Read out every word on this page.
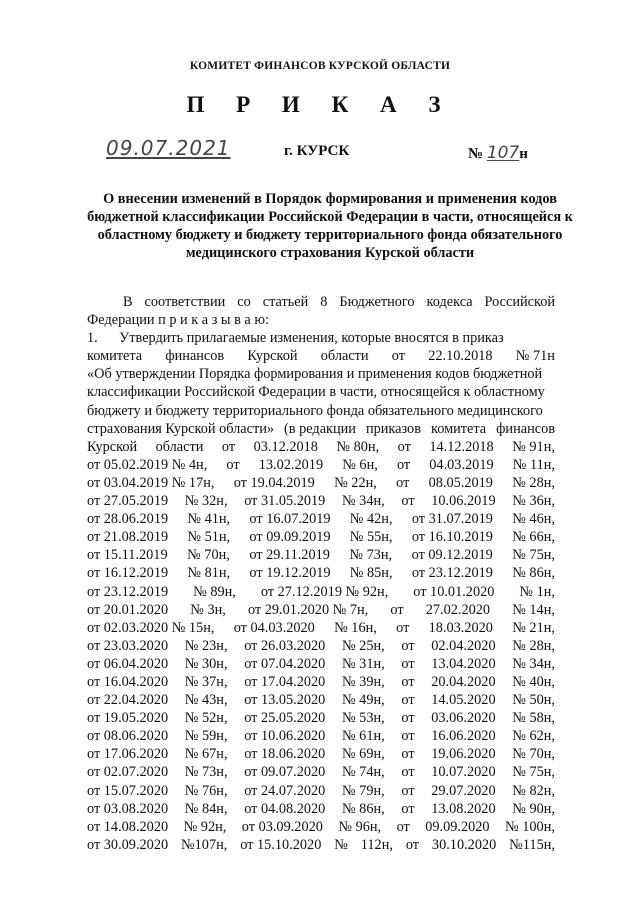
КОМИТЕТ ФИНАНСОВ КУРСКОЙ ОБЛАСТИ
П Р И К А З
09.07.2021	г. КУРСК	№ 107н
О внесении изменений в Порядок формирования и применения кодов бюджетной классификации Российской Федерации в части, относящейся к областному бюджету и бюджету территориального фонда обязательного медицинского страхования Курской области
В соответствии со статьей 8 Бюджетного кодекса Российской
Федерации п р и к а з ы в а ю:
1.      Утвердить прилагаемые изменения, которые вносятся в приказ
комитета финансов Курской области от 22.10.2018 № 71н
«Об утверждении Порядка формирования и применения кодов бюджетной
классификации Российской Федерации в части, относящейся к областному
бюджету и бюджету территориального фонда обязательного медицинского
страхования Курской области» (в редакции приказов комитета финансов
Курской области от 03.12.2018 № 80н, от 14.12.2018 № 91н,
от 05.02.2019 № 4н, от 13.02.2019 № 6н, от 04.03.2019 № 11н,
от 03.04.2019 № 17н, от 19.04.2019 № 22н, от 08.05.2019 № 28н,
от 27.05.2019 № 32н, от 31.05.2019 № 34н, от 10.06.2019 № 36н,
от 28.06.2019 № 41н, от 16.07.2019 № 42н, от 31.07.2019 № 46н,
от 21.08.2019 № 51н, от 09.09.2019 № 55н, от 16.10.2019 № 66н,
от 15.11.2019 № 70н, от 29.11.2019 № 73н, от 09.12.2019 № 75н,
от 16.12.2019 № 81н, от 19.12.2019 № 85н, от 23.12.2019 № 86н,
от 23.12.2019 № 89н, от 27.12.2019 № 92н, от 10.01.2020 № 1н,
от 20.01.2020 № 3н, от 29.01.2020 № 7н, от 27.02.2020 № 14н,
от 02.03.2020 № 15н, от 04.03.2020 № 16н, от 18.03.2020 № 21н,
от 23.03.2020 № 23н, от 26.03.2020 № 25н, от 02.04.2020 № 28н,
от 06.04.2020 № 30н, от 07.04.2020 № 31н, от 13.04.2020 № 34н,
от 16.04.2020 № 37н, от 17.04.2020 № 39н, от 20.04.2020 № 40н,
от 22.04.2020 № 43н, от 13.05.2020 № 49н, от 14.05.2020 № 50н,
от 19.05.2020 № 52н, от 25.05.2020 № 53н, от 03.06.2020 № 58н,
от 08.06.2020 № 59н, от 10.06.2020 № 61н, от 16.06.2020 № 62н,
от 17.06.2020 № 67н, от 18.06.2020 № 69н, от 19.06.2020 № 70н,
от 02.07.2020 № 73н, от 09.07.2020 № 74н, от 10.07.2020 № 75н,
от 15.07.2020 № 76н, от 24.07.2020 № 79н, от 29.07.2020 № 82н,
от 03.08.2020 № 84н, от 04.08.2020 № 86н, от 13.08.2020 № 90н,
от 14.08.2020 № 92н, от 03.09.2020 № 96н, от 09.09.2020 № 100н,
от 30.09.2020 №107н, от 15.10.2020 № 112н, от 30.10.2020 №115н,
